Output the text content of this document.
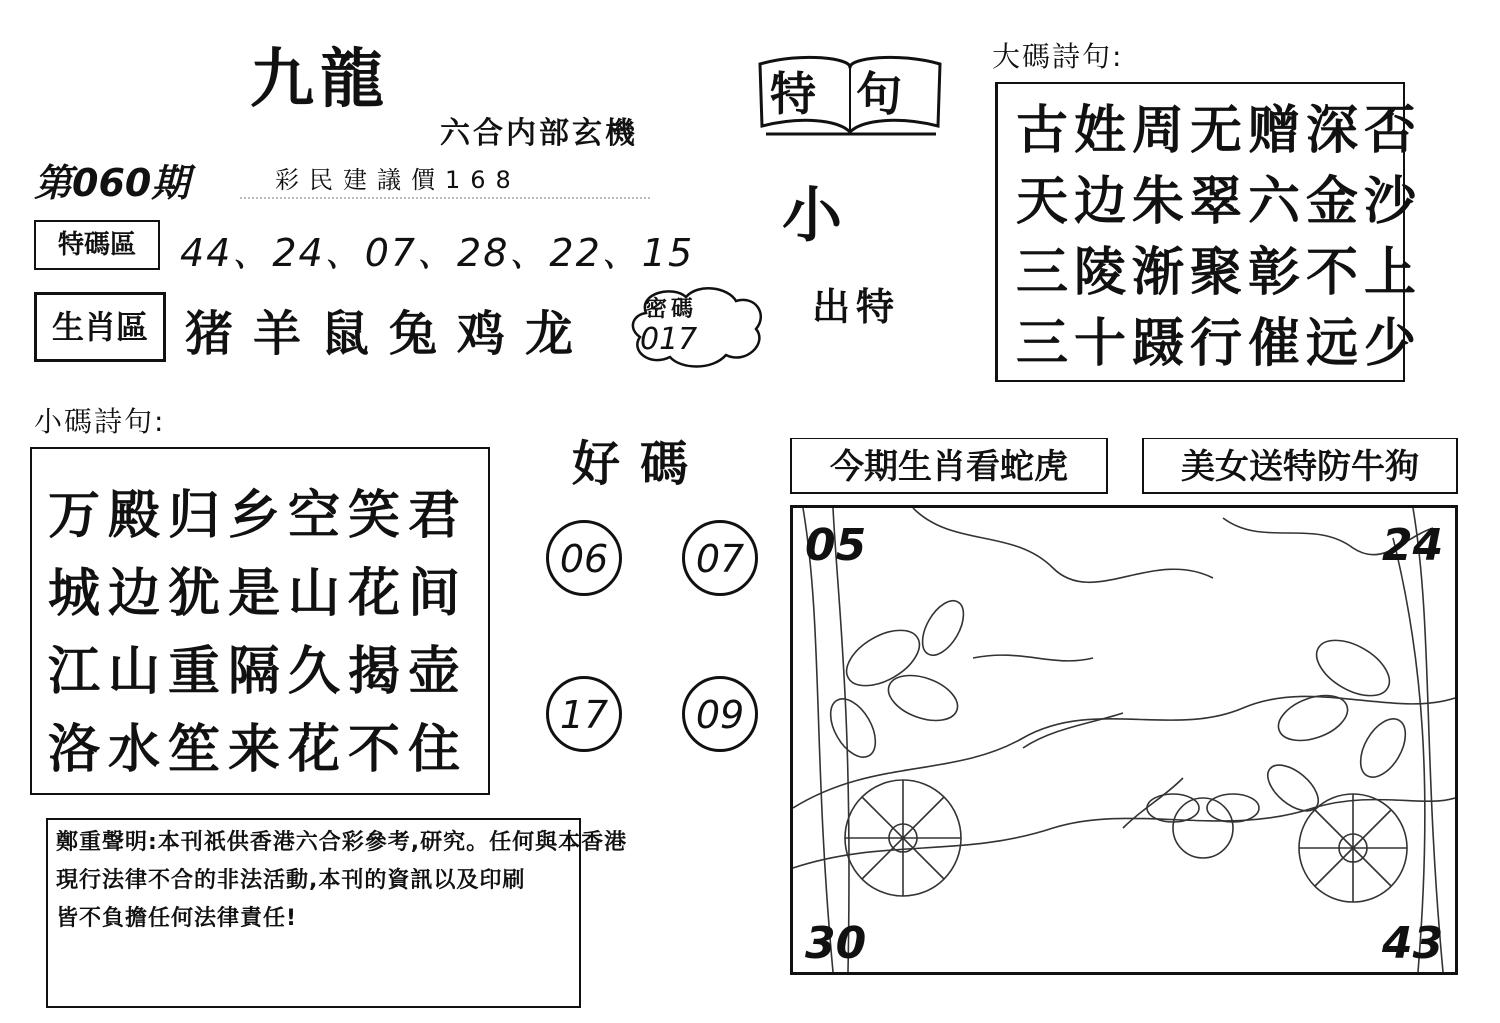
九龍
六合内部玄機
第060期	彩民建議價168
特碼區	44、24、07、28、22、15
生肖區 猪羊鼠兔鸡龙 密碼
017
特句
小
出特
大碼詩句:
古姓周无赠深否
天边朱翠六金沙
三陵渐聚彰不上
三十蹑行催远少
小碼詩句:
万殿归乡空笑君
城边犹是山花间
江山重隔久揭壶
洛水笙来花不住
好碼
06	07
17	09
今期生肖看蛇虎	美女送特防牛狗
05	24
30	43
鄭重聲明:本刊祇供香港六合彩參考,研究。任何與本香港
現行法律不合的非法活動,本刊的資訊以及印刷
皆不負擔任何法律責任!
